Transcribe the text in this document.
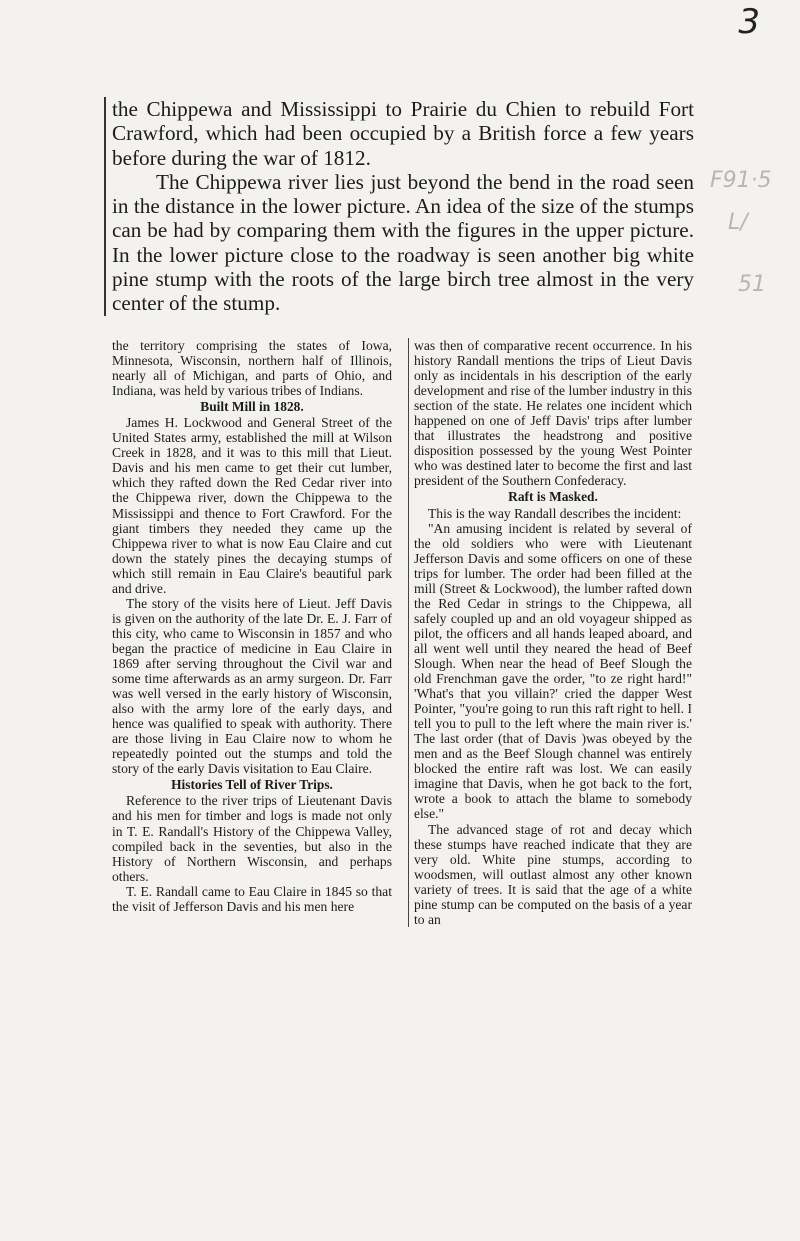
3
F91·5
L/
51

the Chippewa and Mississippi to Prairie du Chien to rebuild Fort Crawford, which had been occupied by a British force a few years before during the war of 1812.

The Chippewa river lies just beyond the bend in the road seen in the distance in the lower picture. An idea of the size of the stumps can be had by comparing them with the figures in the upper picture. In the lower picture close to the roadway is seen another big white pine stump with the roots of the large birch tree almost in the very center of the stump.

the territory comprising the states of Iowa, Minnesota, Wisconsin, northern half of Illinois, nearly all of Michigan, and parts of Ohio, and Indiana, was held by various tribes of Indians.

Built Mill in 1828.

James H. Lockwood and General Street of the United States army, established the mill at Wilson Creek in 1828, and it was to this mill that Lieut. Davis and his men came to get their cut lumber, which they rafted down the Red Cedar river into the Chippewa river, down the Chippewa to the Mississippi and thence to Fort Crawford. For the giant timbers they needed they came up the Chippewa river to what is now Eau Claire and cut down the stately pines the decaying stumps of which still remain in Eau Claire's beautiful park and drive.

The story of the visits here of Lieut. Jeff Davis is given on the authority of the late Dr. E. J. Farr of this city, who came to Wisconsin in 1857 and who began the practice of medicine in Eau Claire in 1869 after serving throughout the Civil war and some time afterwards as an army surgeon. Dr. Farr was well versed in the early history of Wisconsin, also with the army lore of the early days, and hence was qualified to speak with authority. There are those living in Eau Claire now to whom he repeatedly pointed out the stumps and told the story of the early Davis visitation to Eau Claire.

Histories Tell of River Trips.

Reference to the river trips of Lieutenant Davis and his men for timber and logs is made not only in T. E. Randall's History of the Chippewa Valley, compiled back in the seventies, but also in the History of Northern Wisconsin, and perhaps others.

T. E. Randall came to Eau Claire in 1845 so that the visit of Jefferson Davis and his men here

was then of comparative recent occurrence. In his history Randall mentions the trips of Lieut Davis only as incidentals in his description of the early development and rise of the lumber industry in this section of the state. He relates one incident which happened on one of Jeff Davis' trips after lumber that illustrates the headstrong and positive disposition possessed by the young West Pointer who was destined later to become the first and last president of the Southern Confederacy.

Raft is Masked.

This is the way Randall describes the incident:

"An amusing incident is related by several of the old soldiers who were with Lieutenant Jefferson Davis and some officers on one of these trips for lumber. The order had been filled at the mill (Street & Lockwood), the lumber rafted down the Red Cedar in strings to the Chippewa, all safely coupled up and an old voyageur shipped as pilot, the officers and all hands leaped aboard, and all went well until they neared the head of Beef Slough. When near the head of Beef Slough the old Frenchman gave the order, "to ze right hard!" 'What's that you villain?' cried the dapper West Pointer, "you're going to run this raft right to hell. I tell you to pull to the left where the main river is.' The last order (that of Davis )was obeyed by the men and as the Beef Slough channel was entirely blocked the entire raft was lost. We can easily imagine that Davis, when he got back to the fort, wrote a book to attach the blame to somebody else."

The advanced stage of rot and decay which these stumps have reached indicate that they are very old. White pine stumps, according to woodsmen, will outlast almost any other known variety of trees. It is said that the age of a white pine stump can be computed on the basis of a year to an
